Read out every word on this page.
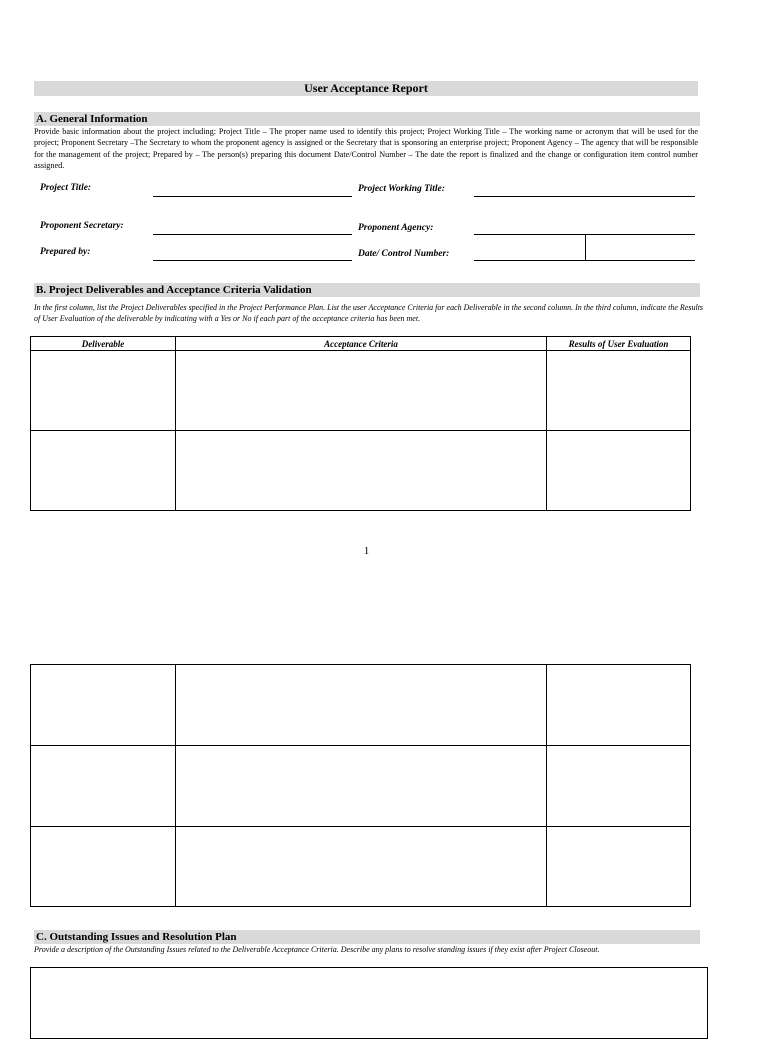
User Acceptance Report
A. General Information
Provide basic information about the project including: Project Title – The proper name used to identify this project; Project Working Title – The working name or acronym that will be used for the project; Proponent Secretary –The Secretary to whom the proponent agency is assigned or the Secretary that is sponsoring an enterprise project; Proponent Agency – The agency that will be responsible for the management of the project; Prepared by – The person(s) preparing this document Date/Control Number – The date the report is finalized and the change or configuration item control number assigned.
Project Title:	Project Working Title:
Proponent Secretary:	Proponent Agency:
Prepared by:	Date/ Control Number:
B. Project Deliverables and Acceptance Criteria Validation
In the first column, list the Project Deliverables specified in the Project Performance Plan. List the user Acceptance Criteria for each Deliverable in the second column. In the third column, indicate the Results of User Evaluation of the deliverable by indicating with a Yes or No if each part of the acceptance criteria has been met.
Deliverable	Acceptance Criteria	Results of User Evaluation

1

C. Outstanding Issues and Resolution Plan
Provide a description of the Outstanding Issues related to the Deliverable Acceptance Criteria. Describe any plans to resolve standing issues if they exist after Project Closeout.
